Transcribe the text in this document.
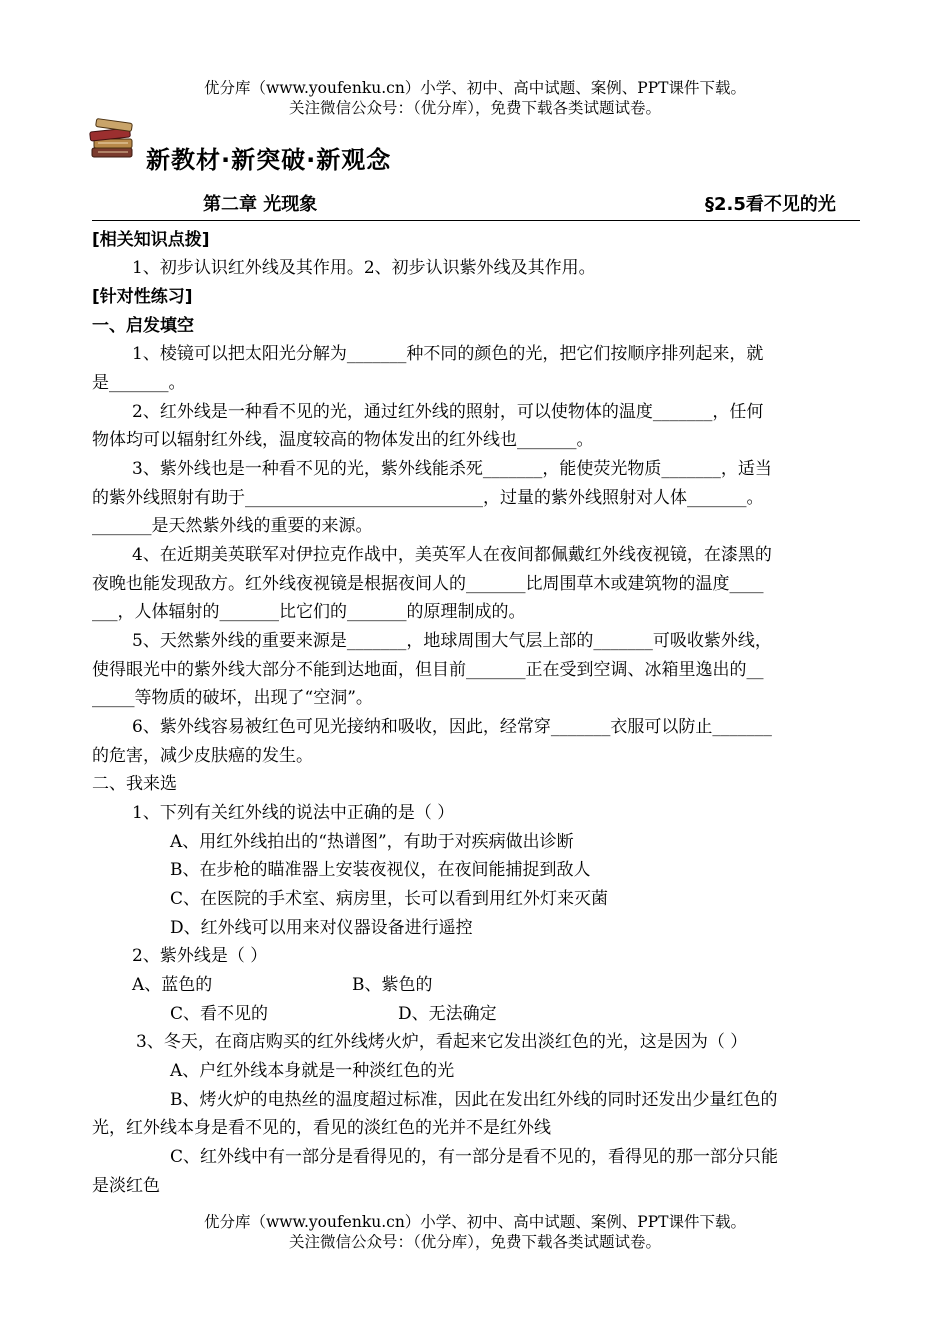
优分库（www.youfenku.cn）小学、初中、高中试题、案例、PPT课件下载。
关注微信公众号：（优分库），免费下载各类试题试卷。
新教材·新突破·新观念
第二章 光现象	§2.5看不见的光
[相关知识点拨]
1、初步认识红外线及其作用。2、初步认识紫外线及其作用。
[针对性练习]
一、启发填空
1、棱镜可以把太阳光分解为_______种不同的颜色的光，把它们按顺序排列起来，就
是_______。
2、红外线是一种看不见的光，通过红外线的照射，可以使物体的温度_______，任何
物体均可以辐射红外线，温度较高的物体发出的红外线也_______。
3、紫外线也是一种看不见的光，紫外线能杀死_______，能使荧光物质_______，适当
的紫外线照射有助于____________________________，过量的紫外线照射对人体_______。
_______是天然紫外线的重要的来源。
4、在近期美英联军对伊拉克作战中，美英军人在夜间都佩戴红外线夜视镜，在漆黑的
夜晚也能发现敌方。红外线夜视镜是根据夜间人的_______比周围草木或建筑物的温度____
___，人体辐射的_______比它们的_______的原理制成的。
5、天然紫外线的重要来源是_______，地球周围大气层上部的_______可吸收紫外线，
使得眼光中的紫外线大部分不能到达地面，但目前_______正在受到空调、冰箱里逸出的__
_____等物质的破坏，出现了“空洞”。
6、紫外线容易被红色可见光接纳和吸收，因此，经常穿_______衣服可以防止_______
的危害，减少皮肤癌的发生。
二、我来选
1、下列有关红外线的说法中正确的是（ ）
A、用红外线拍出的“热谱图”，有助于对疾病做出诊断
B、在步枪的瞄准器上安装夜视仪，在夜间能捕捉到敌人
C、在医院的手术室、病房里，长可以看到用红外灯来灭菌
D、红外线可以用来对仪器设备进行遥控
2、紫外线是（ ）
A、蓝色的	B、紫色的
C、看不见的	D、无法确定
3、冬天，在商店购买的红外线烤火炉，看起来它发出淡红色的光，这是因为（ ）
A、户红外线本身就是一种淡红色的光
B、烤火炉的电热丝的温度超过标准，因此在发出红外线的同时还发出少量红色的
光，红外线本身是看不见的，看见的淡红色的光并不是红外线
C、红外线中有一部分是看得见的，有一部分是看不见的，看得见的那一部分只能
是淡红色
优分库（www.youfenku.cn）小学、初中、高中试题、案例、PPT课件下载。
关注微信公众号：（优分库），免费下载各类试题试卷。
